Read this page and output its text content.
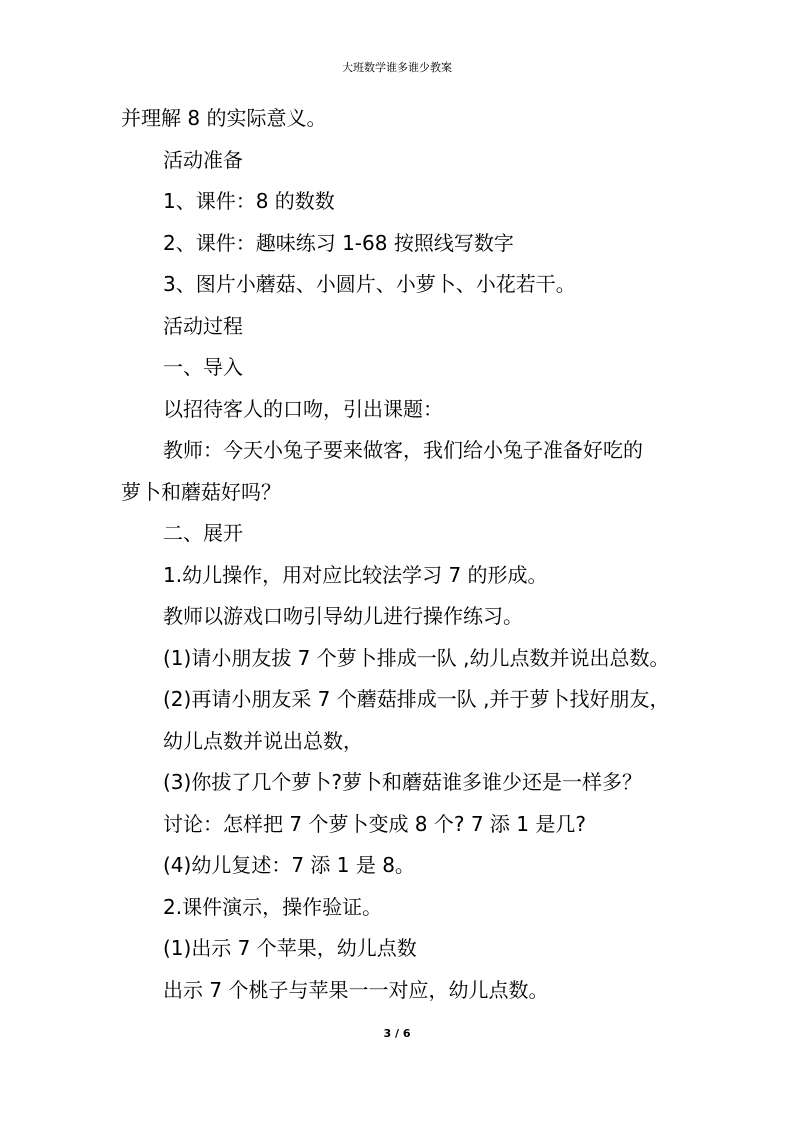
大班数学谁多谁少教案
并理解 8 的实际意义。
活动准备
1、课件：8 的数数
2、课件：趣味练习 1-68 按照线写数字
3、图片小蘑菇、小圆片、小萝卜、小花若干。
活动过程
一、导入
以招待客人的口吻，引出课题：
教师：今天小兔子要来做客，我们给小兔子准备好吃的
萝卜和蘑菇好吗？
二、展开
1.幼儿操作，用对应比较法学习 7 的形成。
教师以游戏口吻引导幼儿进行操作练习。
(1)请小朋友拔 7 个萝卜排成一队 ,幼儿点数并说出总数。
(2)再请小朋友采 7 个蘑菇排成一队 ,并于萝卜找好朋友，
幼儿点数并说出总数，
(3)你拔了几个萝卜?萝卜和蘑菇谁多谁少还是一样多？
讨论：怎样把 7 个萝卜变成 8 个? 7 添 1 是几?
(4)幼儿复述：7 添 1 是 8。
2.课件演示，操作验证。
(1)出示 7 个苹果，幼儿点数
出示 7 个桃子与苹果一一对应，幼儿点数。
3 / 6
